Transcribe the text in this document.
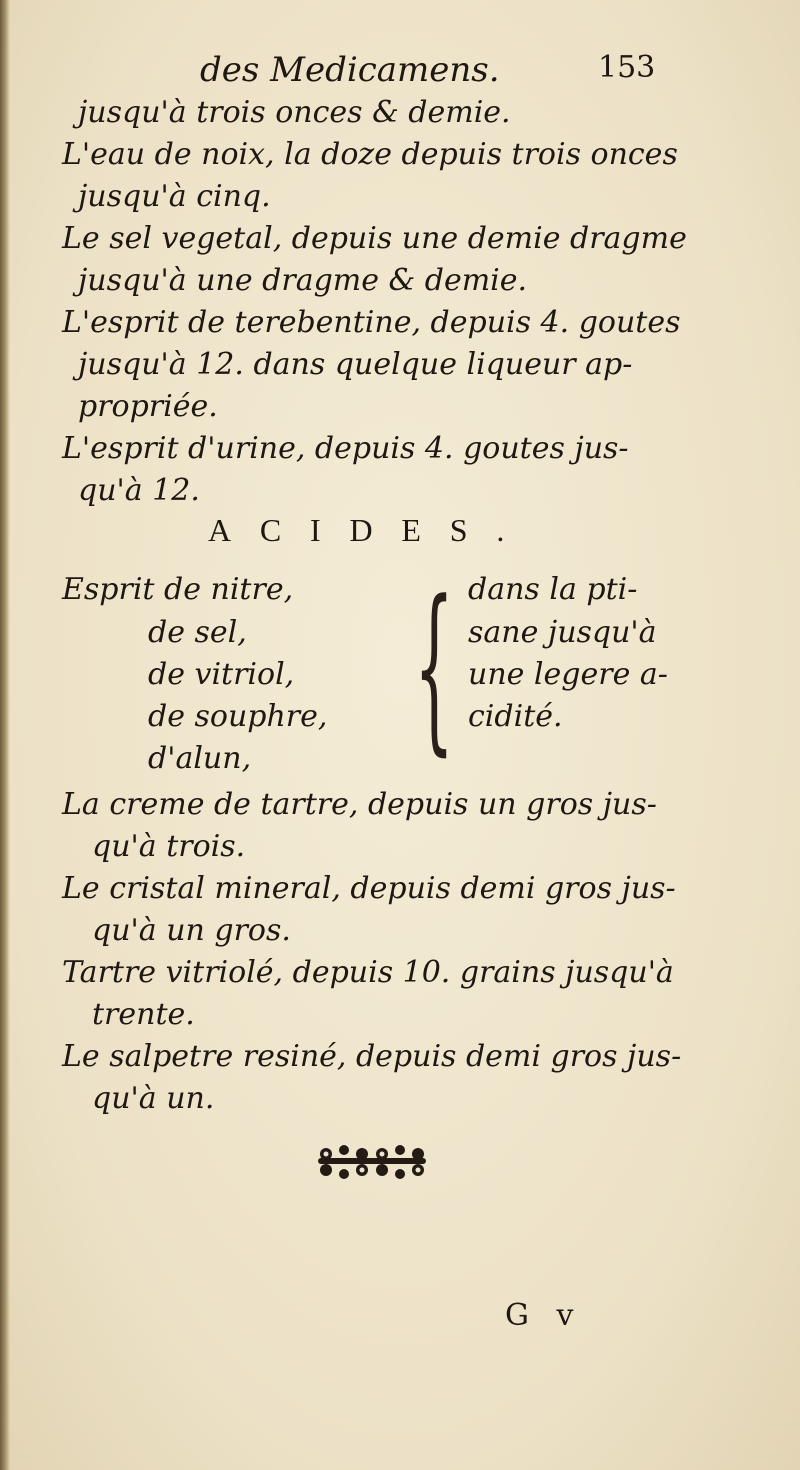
des Medicamens.	153
jusqu'à trois onces & demie.
L'eau de noix, la doze depuis trois onces
jusqu'à cinq.
Le sel vegetal, depuis une demie dragme
jusqu'à une dragme & demie.
L'esprit de terebentine, depuis 4. goutes
jusqu'à 12. dans quelque liqueur ap-
propriée.
L'esprit d'urine, depuis 4. goutes jus-
qu'à 12.
ACIDES.
Esprit de nitre,
de sel,
de vitriol,
de souphre,
d'alun, { dans la pti-
sane jusqu'à
une legere a-
cidité.
La creme de tartre, depuis un gros jus-
qu'à trois.
Le cristal mineral, depuis demi gros jus-
qu'à un gros.
Tartre vitriolé, depuis 10. grains jusqu'à
trente.
Le salpetre resiné, depuis demi gros jus-
qu'à un.
G v
